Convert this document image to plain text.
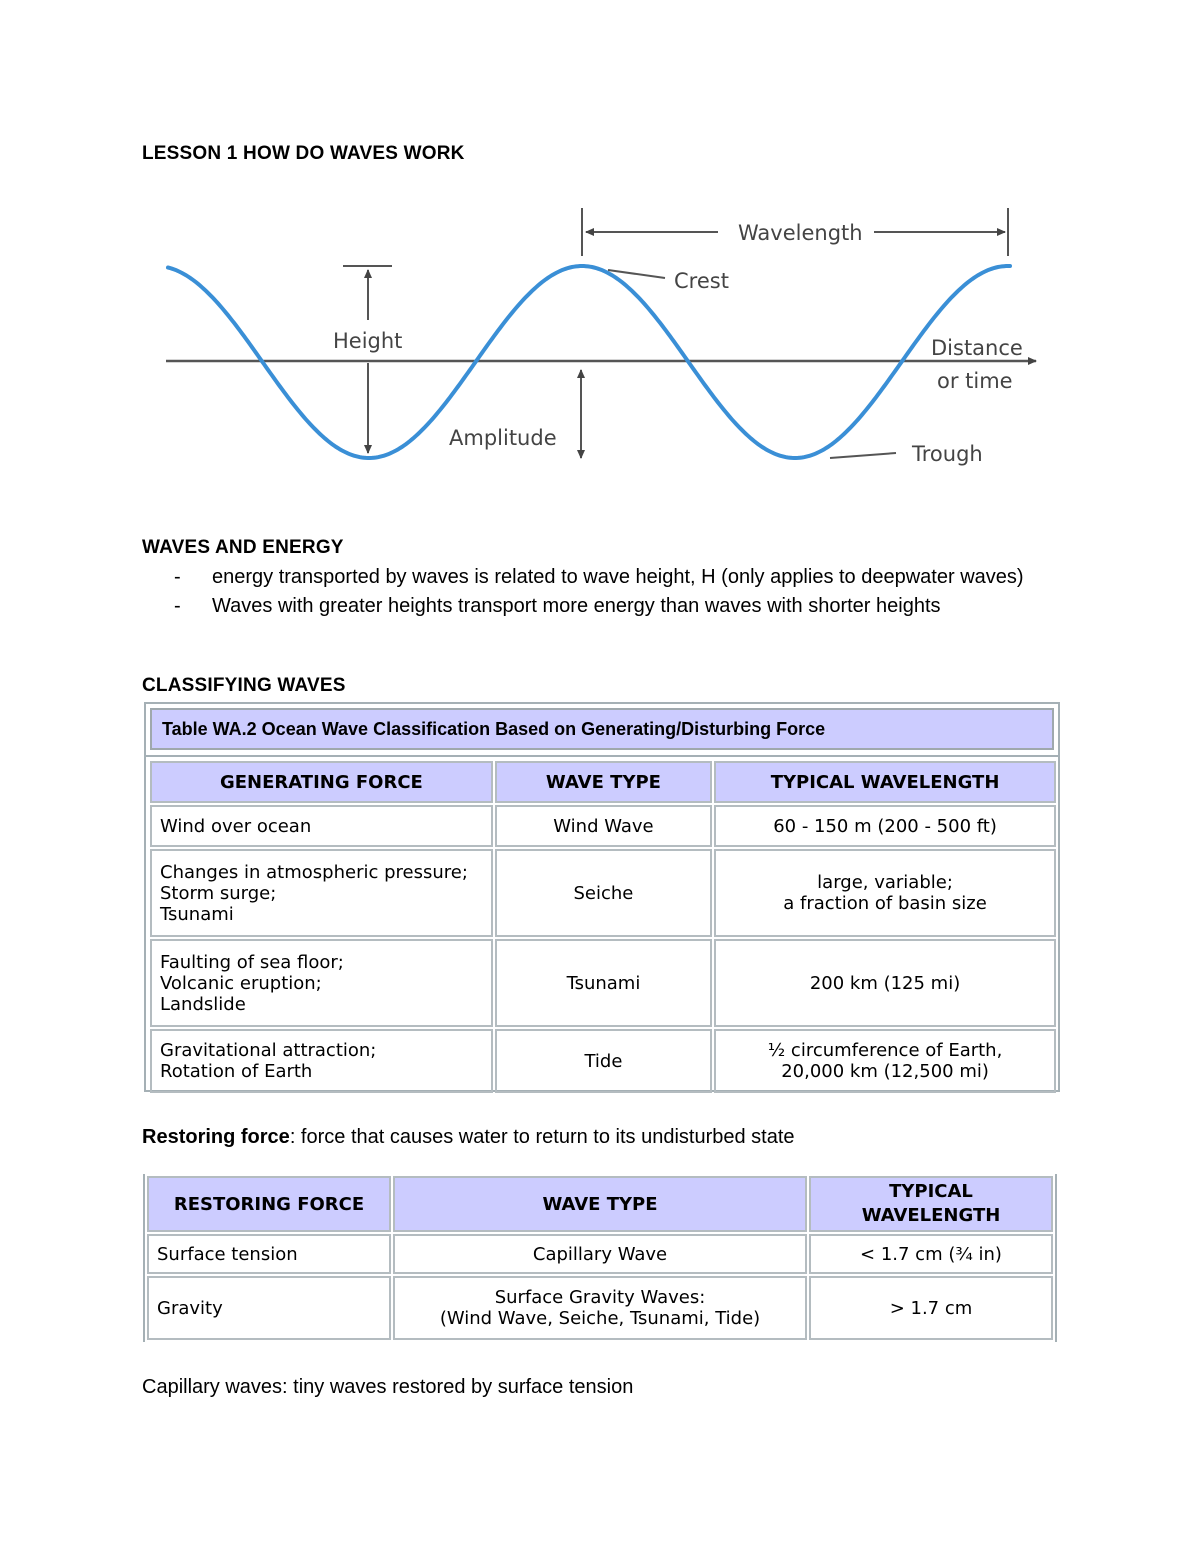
LESSON 1 HOW DO WAVES WORK
Height
Wavelength
Crest
Amplitude
Distance
or time
Trough
WAVES AND ENERGY
- energy transported by waves is related to wave height, H (only applies to deepwater waves)
- Waves with greater heights transport more energy than waves with shorter heights
CLASSIFYING WAVES
Table WA.2 Ocean Wave Classification Based on Generating/Disturbing Force
GENERATING FORCE	WAVE TYPE	TYPICAL WAVELENGTH
Wind over ocean	Wind Wave	60 - 150 m (200 - 500 ft)
Changes in atmospheric pressure;
Storm surge;
Tsunami	Seiche	large, variable;
a fraction of basin size
Faulting of sea floor;
Volcanic eruption;
Landslide	Tsunami	200 km (125 mi)
Gravitational attraction;
Rotation of Earth	Tide	½ circumference of Earth,
20,000 km (12,500 mi)
Restoring force: force that causes water to return to its undisturbed state
RESTORING FORCE	WAVE TYPE	TYPICAL WAVELENGTH
Surface tension	Capillary Wave	< 1.7 cm (¾ in)
Gravity	Surface Gravity Waves:
(Wind Wave, Seiche, Tsunami, Tide)	> 1.7 cm
Capillary waves: tiny waves restored by surface tension
